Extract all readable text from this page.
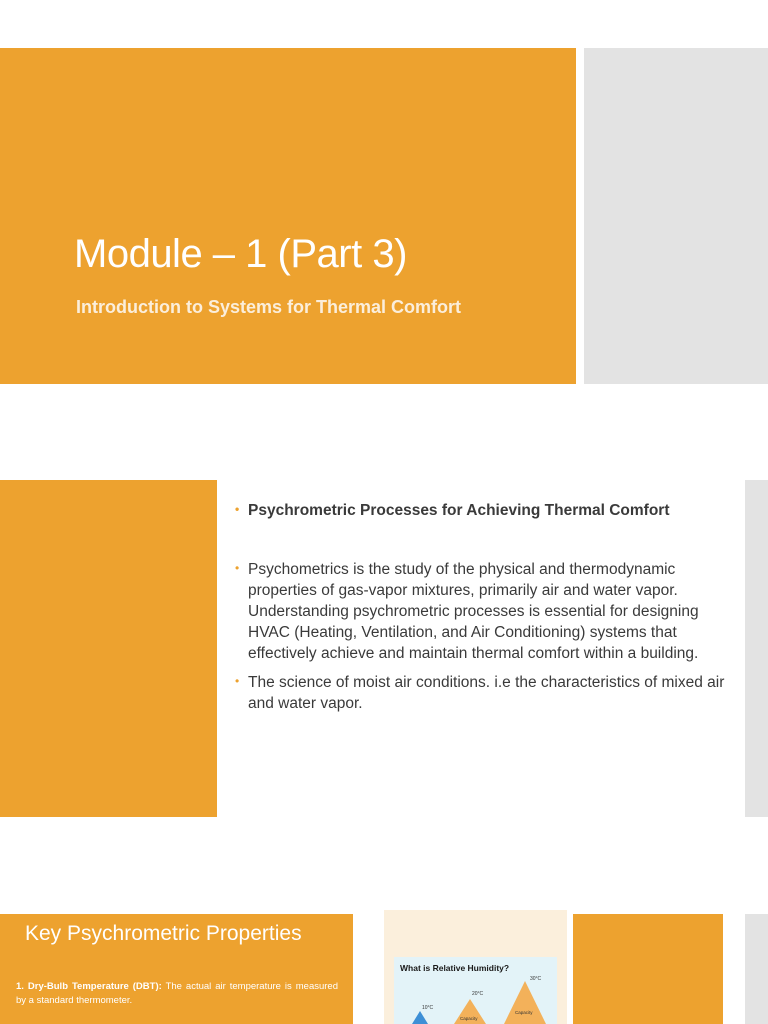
Module – 1 (Part 3)
Introduction to Systems for Thermal Comfort

• Psychrometric Processes for Achieving Thermal Comfort

• Psychometrics is the study of the physical and thermodynamic properties of gas-vapor mixtures, primarily air and water vapor. Understanding psychrometric processes is essential for designing HVAC (Heating, Ventilation, and Air Conditioning) systems that effectively achieve and maintain thermal comfort within a building.

• The science of moist air conditions. i.e the characteristics of mixed air and water vapor.

Key Psychrometric Properties
1. Dry-Bulb Temperature (DBT): The actual air temperature is measured by a standard thermometer.
What is Relative Humidity?
10°C
20°C
30°C
Capacity
Capacity
